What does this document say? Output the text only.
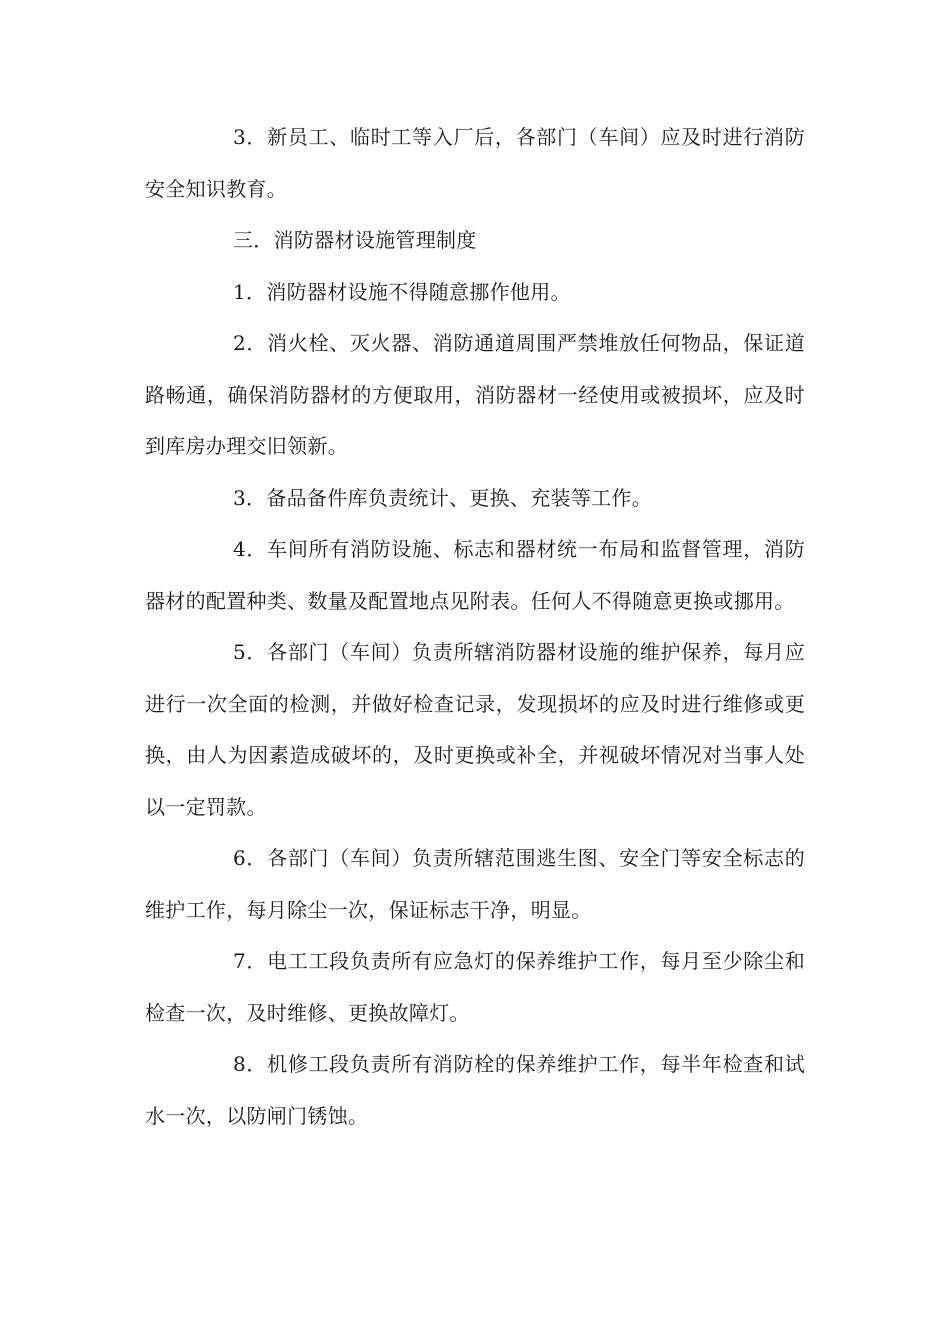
3．新员工、临时工等入厂后，各部门（车间）应及时进行消防安全知识教育。

三．消防器材设施管理制度

1．消防器材设施不得随意挪作他用。

2．消火栓、灭火器、消防通道周围严禁堆放任何物品，保证道路畅通，确保消防器材的方便取用，消防器材一经使用或被损坏，应及时到库房办理交旧领新。

3．备品备件库负责统计、更换、充装等工作。

4．车间所有消防设施、标志和器材统一布局和监督管理，消防器材的配置种类、数量及配置地点见附表。任何人不得随意更换或挪用。

5．各部门（车间）负责所辖消防器材设施的维护保养，每月应进行一次全面的检测，并做好检查记录，发现损坏的应及时进行维修或更换，由人为因素造成破坏的，及时更换或补全，并视破坏情况对当事人处以一定罚款。

6．各部门（车间）负责所辖范围逃生图、安全门等安全标志的维护工作，每月除尘一次，保证标志干净，明显。

7．电工工段负责所有应急灯的保养维护工作，每月至少除尘和检查一次，及时维修、更换故障灯。

8．机修工段负责所有消防栓的保养维护工作，每半年检查和试水一次，以防闸门锈蚀。
